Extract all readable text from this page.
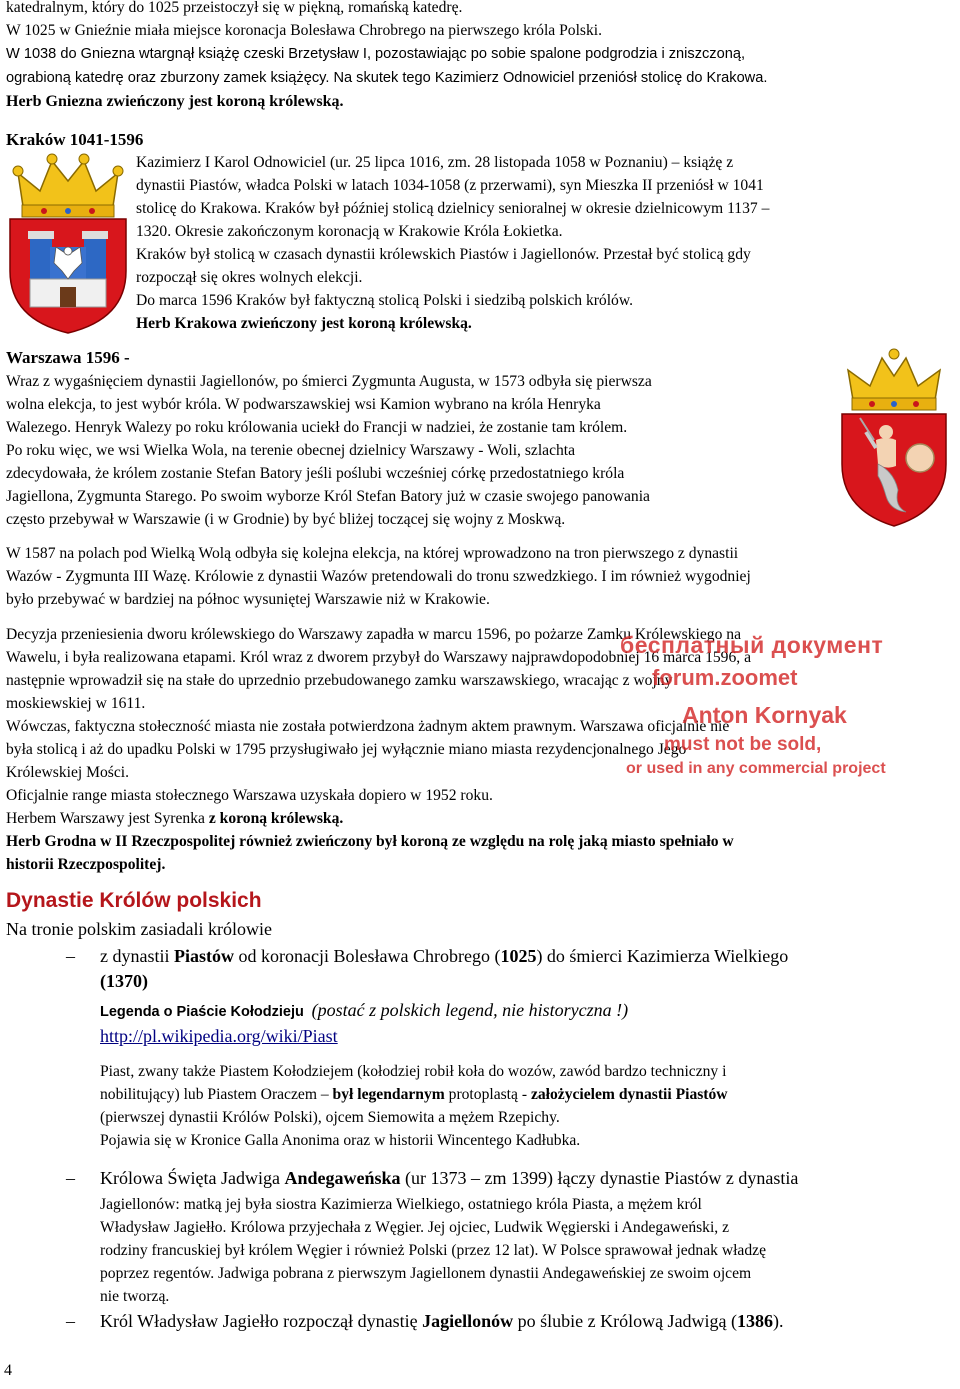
katedralnym, który do 1025 przeistoczył się w piękną, romańską katedrę.
W 1025 w Gnieźnie miała miejsce koronacja Bolesława Chrobrego na pierwszego króla Polski.
W 1038 do Gniezna wtargnął książę czeski Brzetysław I, pozostawiając po sobie spalone podgrodzia i zniszczoną,
ograbioną katedrę oraz zburzony zamek książęcy. Na skutek tego Kazimierz Odnowiciel przeniósł stolicę do Krakowa.
Herb Gniezna zwieńczony jest koroną królewską.
Kraków 1041-1596
Kazimierz I Karol Odnowiciel (ur. 25 lipca 1016, zm. 28 listopada 1058 w Poznaniu) – książę z
dynastii Piastów, władca Polski w latach 1034-1058 (z przerwami), syn Mieszka II przeniósł w 1041
stolicę do Krakowa. Kraków był później stolicą dzielnicy senioralnej w okresie dzielnicowym 1137 –
1320. Okresie zakończonym koronacją w Krakowie Króla Łokietka.
Kraków był stolicą w czasach dynastii królewskich Piastów i Jagiellonów. Przestał być stolicą gdy
rozpoczął się okres wolnych elekcji.
Do marca 1596 Kraków był faktyczną stolicą Polski i siedzibą polskich królów.
Herb Krakowa zwieńczony jest koroną królewską.
Warszawa 1596 -
Wraz z wygaśnięciem dynastii Jagiellonów, po śmierci Zygmunta Augusta, w 1573 odbyła się pierwsza
wolna elekcja, to jest wybór króla. W podwarszawskiej wsi Kamion wybrano na króla Henryka
Walezego. Henryk Walezy po roku królowania uciekł do Francji w nadziei, że zostanie tam królem.
Po roku więc, we wsi Wielka Wola, na terenie obecnej dzielnicy Warszawy - Woli, szlachta
zdecydowała, że królem zostanie Stefan Batory jeśli poślubi wcześniej córkę przedostatniego króla
Jagiellona, Zygmunta Starego. Po swoim wyborze Król Stefan Batory już w czasie swojego panowania
często przebywał w Warszawie (i w Grodnie) by być bliżej toczącej się wojny z Moskwą.
W 1587 na polach pod Wielką Wolą odbyła się kolejna elekcja, na której wprowadzono na tron pierwszego z dynastii
Wazów - Zygmunta III Wazę. Królowie z dynastii Wazów pretendowali do tronu szwedzkiego. I im również wygodniej
było przebywać w bardziej na północ wysuniętej Warszawie niż w Krakowie.
Decyzja przeniesienia dworu królewskiego do Warszawy zapadła w marcu 1596, po pożarze Zamku Królewskiego na
Wawelu, i była realizowana etapami. Król wraz z dworem przybył do Warszawy najprawdopodobniej 16 marca 1596, a
następnie wprowadził się na stałe do uprzednio przebudowanego zamku warszawskiego, wracając z wojny
moskiewskiej w 1611.
Wówczas, faktyczna stołeczność miasta nie została potwierdzona żadnym aktem prawnym. Warszawa oficjalnie nie
była stolicą i aż do upadku Polski w 1795 przysługiwało jej wyłącznie miano miasta rezydencjonalnego Jego
Królewskiej Mości.
Oficjalnie range miasta stołecznego Warszawa uzyskała dopiero w 1952 roku.
Herbem Warszawy jest Syrenka z koroną królewską.
Herb Grodna w II Rzeczpospolitej również zwieńczony był koroną ze względu na rolę jaką miasto spełniało w
historii Rzeczpospolitej.
бесплатный документ
forum.zoomet
Anton Kornyak
must not be sold,
or used in any commercial project
Dynastie Królów polskich
Na tronie polskim zasiadali królowie
– z dynastii Piastów od koronacji Bolesława Chrobrego (1025) do śmierci Kazimierza Wielkiego
(1370)
Legenda o Piaście Kołodzieju (postać z polskich legend, nie historyczna !)
http://pl.wikipedia.org/wiki/Piast
Piast, zwany także Piastem Kołodziejem (kołodziej robił koła do wozów, zawód bardzo techniczny i
nobilitujący) lub Piastem Oraczem – był legendarnym protoplastą - założycielem dynastii Piastów
(pierwszej dynastii Królów Polski), ojcem Siemowita a mężem Rzepichy.
Pojawia się w Kronice Galla Anonima oraz w historii Wincentego Kadłubka.
– Królowa Święta Jadwiga Andegaweńska (ur 1373 – zm 1399) łączy dynastie Piastów z dynastia
Jagiellonów: matką jej była siostra Kazimierza Wielkiego, ostatniego króla Piasta, a mężem król
Władysław Jagiełło. Królowa przyjechała z Węgier. Jej ojciec, Ludwik Węgierski i Andegaweński, z
rodziny francuskiej był królem Węgier i również Polski (przez 12 lat). W Polsce sprawował jednak władzę
poprzez regentów. Jadwiga pobrana z pierwszym Jagiellonem dynastii Andegaweńskiej ze swoim ojcem
nie tworzą.
– Król Władysław Jagiełło rozpoczął dynastię Jagiellonów po ślubie z Królową Jadwigą (1386).
4
